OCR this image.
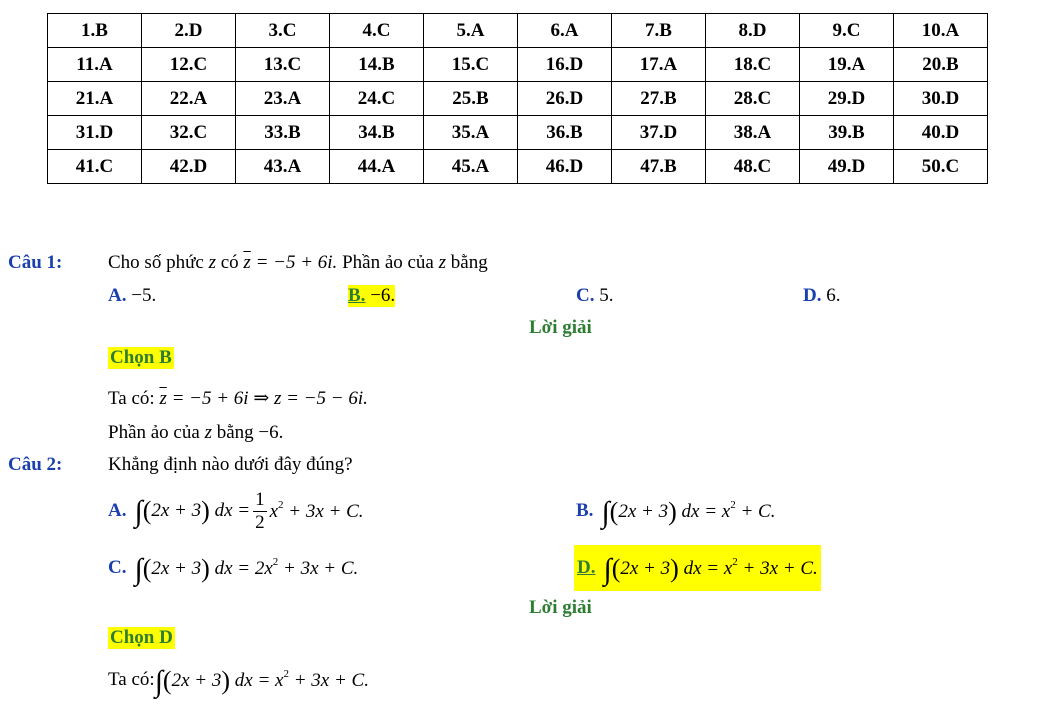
1.B	2.D	3.C	4.C	5.A	6.A	7.B	8.D	9.C	10.A
11.A	12.C	13.C	14.B	15.C	16.D	17.A	18.C	19.A	20.B
21.A	22.A	23.A	24.C	25.B	26.D	27.B	28.C	29.D	30.D
31.D	32.C	33.B	34.B	35.A	36.B	37.D	38.A	39.B	40.D
41.C	42.D	43.A	44.A	45.A	46.D	47.B	48.C	49.D	50.C
Câu 1: Cho số phức z có $\overline{z} = -5 + 6i$. Phần ảo của z bằng
A. −5.	B. −6.	C. 5.	D. 6.
Lời giải
Chọn B
Ta có: $\overline{z} = -5 + 6i$ ⇒ z = −5 − 6i.
Phần ảo của z bằng −6.
Câu 2: Khẳng định nào dưới đây đúng?
A. ∫(2x + 3) dx = $\frac{1}{2} x^2 + 3x + C$.	B. ∫(2x + 3) dx = $x^2 + C$.
C. ∫(2x + 3) dx = $2x^2 + 3x + C$.	D. ∫(2x + 3) dx = $x^2 + 3x + C$.
Lời giải
Chọn D
Ta có: ∫(2x + 3) dx = $x^2 + 3x + C$.
